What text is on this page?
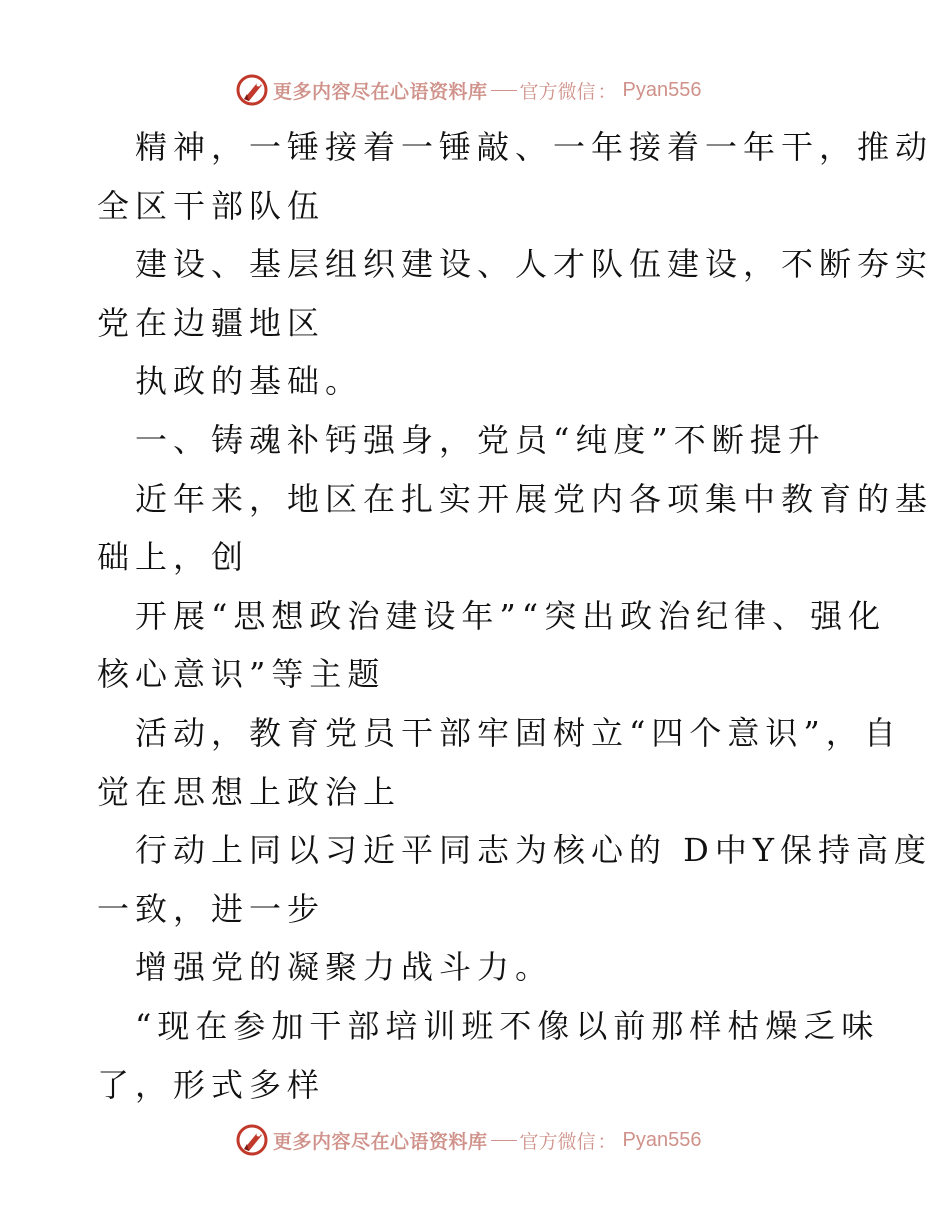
更多内容尽在心语资料库 官方微信 ： Pyan556
精神，一锤接着一锤敲、一年接着一年干，推动
全区干部队伍
建设、基层组织建设、人才队伍建设，不断夯实
党在边疆地区
执政的基础。
一、铸魂补钙强身，党员“纯度”不断提升
近年来，地区在扎实开展党内各项集中教育的基
础上，创
开展“思想政治建设年”“突出政治纪律、强化
核心意识”等主题
活动，教育党员干部牢固树立“四个意识”，自
觉在思想上政治上
行动上同以习近平同志为核心的 D中Y保持高度
一致，进一步
增强党的凝聚力战斗力。
“现在参加干部培训班不像以前那样枯燥乏味
了，形式多样
更多内容尽在心语资料库 官方微信 ： Pyan556
